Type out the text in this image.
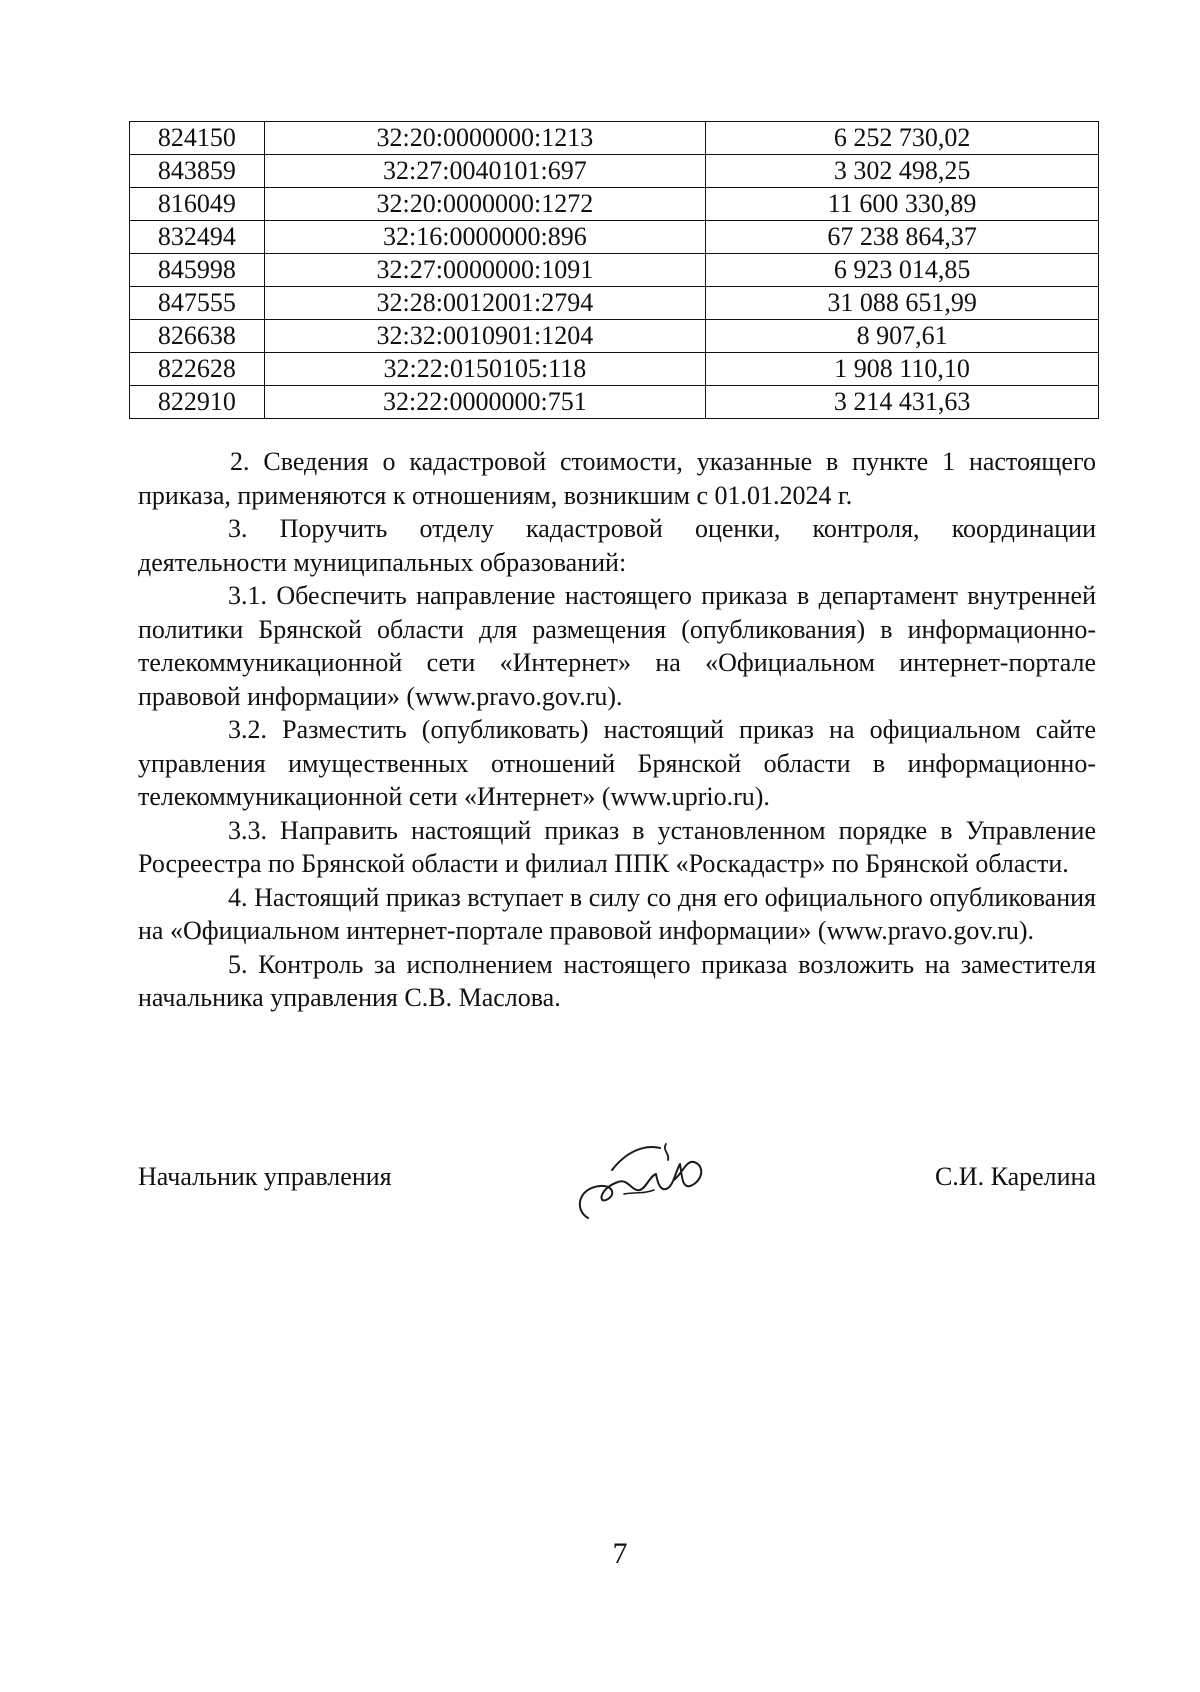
824150	32:20:0000000:1213	6 252 730,02
843859	32:27:0040101:697	3 302 498,25
816049	32:20:0000000:1272	11 600 330,89
832494	32:16:0000000:896	67 238 864,37
845998	32:27:0000000:1091	6 923 014,85
847555	32:28:0012001:2794	31 088 651,99
826638	32:32:0010901:1204	8 907,61
822628	32:22:0150105:118	1 908 110,10
822910	32:22:0000000:751	3 214 431,63

2. Сведения о кадастровой стоимости, указанные в пункте 1 настоящего приказа, применяются к отношениям, возникшим с 01.01.2024 г.

3. Поручить отделу кадастровой оценки, контроля, координации деятельности муниципальных образований:

3.1. Обеспечить направление настоящего приказа в департамент внутренней политики Брянской области для размещения (опубликования) в информационно-телекоммуникационной сети «Интернет» на «Официальном интернет-портале правовой информации» (www.pravo.gov.ru).

3.2. Разместить (опубликовать) настоящий приказ на официальном сайте управления имущественных отношений Брянской области в информационно-телекоммуникационной сети «Интернет» (www.uprio.ru).

3.3. Направить настоящий приказ в установленном порядке в Управление Росреестра по Брянской области и филиал ППК «Роскадастр» по Брянской области.

4. Настоящий приказ вступает в силу со дня его официального опубликования на «Официальном интернет-портале правовой информации» (www.pravo.gov.ru).

5. Контроль за исполнением настоящего приказа возложить на заместителя начальника управления С.В. Маслова.

Начальник управления	С.И. Карелина
7
